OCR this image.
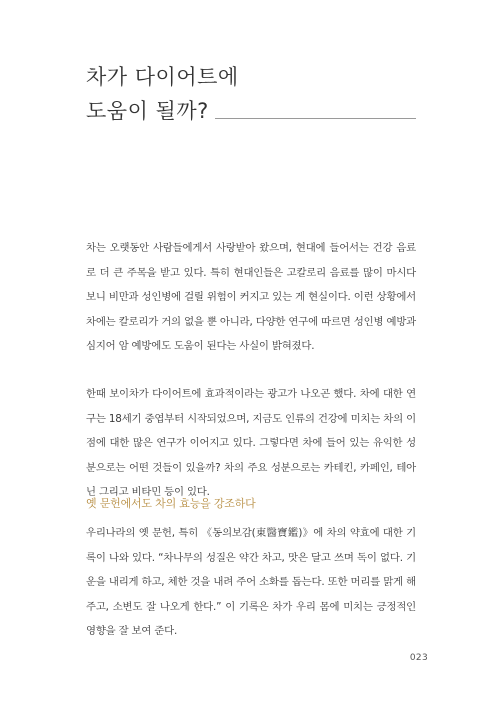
차가 다이어트에
도움이 될까?

차는 오랫동안 사람들에게서 사랑받아 왔으며, 현대에 들어서는 건강 음료로 더 큰 주목을 받고 있다. 특히 현대인들은 고칼로리 음료를 많이 마시다 보니 비만과 성인병에 걸릴 위험이 커지고 있는 게 현실이다. 이런 상황에서 차에는 칼로리가 거의 없을 뿐 아니라, 다양한 연구에 따르면 성인병 예방과 심지어 암 예방에도 도움이 된다는 사실이 밝혀졌다.

한때 보이차가 다이어트에 효과적이라는 광고가 나오곤 했다. 차에 대한 연구는 18세기 중엽부터 시작되었으며, 지금도 인류의 건강에 미치는 차의 이점에 대한 많은 연구가 이어지고 있다. 그렇다면 차에 들어 있는 유익한 성분으로는 어떤 것들이 있을까? 차의 주요 성분으로는 카테킨, 카페인, 테아닌 그리고 비타민 등이 있다.

옛 문헌에서도 차의 효능을 강조하다

우리나라의 옛 문헌, 특히 《동의보감(東醫寶鑑)》에 차의 약효에 대한 기록이 나와 있다. “차나무의 성질은 약간 차고, 맛은 달고 쓰며 독이 없다. 기운을 내리게 하고, 체한 것을 내려 주어 소화를 돕는다. 또한 머리를 맑게 해 주고, 소변도 잘 나오게 한다.” 이 기록은 차가 우리 몸에 미치는 긍정적인 영향을 잘 보여 준다.

023
